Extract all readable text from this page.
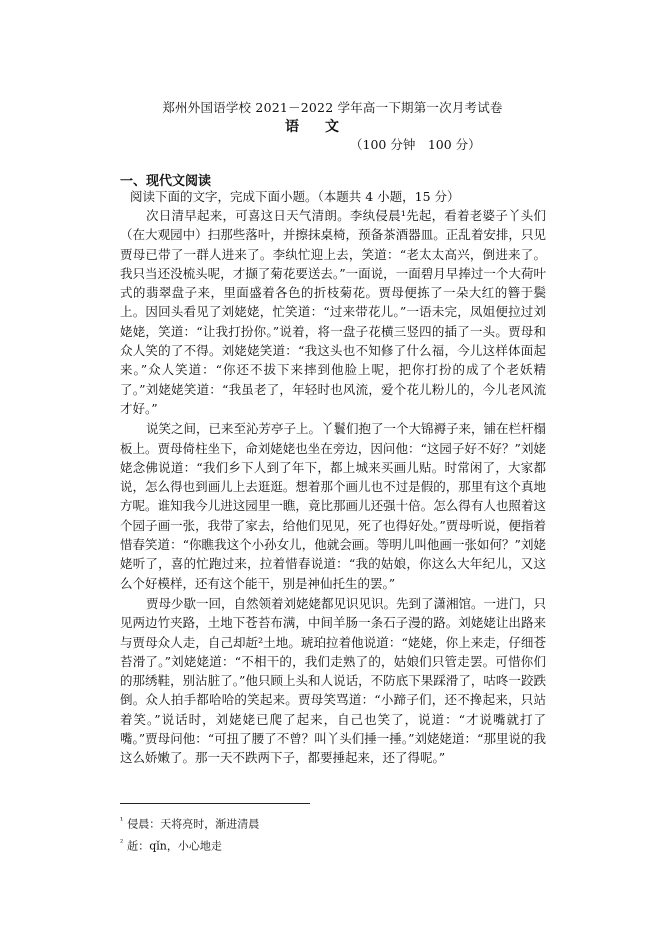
郑州外国语学校 2021－2022 学年高一下期第一次月考试卷
语　文
（100 分钟　100 分）
一、现代文阅读
阅读下面的文字，完成下面小题。（本题共 4 小题，15 分）

次日清早起来，可喜这日天气清朗。李纨侵晨¹先起，看着老婆子丫头们（在大观园中）扫那些落叶，并擦抹桌椅，预备茶酒器皿。正乱着安排，只见贾母已带了一群人进来了。李纨忙迎上去，笑道：“老太太高兴，倒进来了。我只当还没梳头呢，才撷了菊花要送去。”一面说，一面碧月早捧过一个大荷叶式的翡翠盘子来，里面盛着各色的折枝菊花。贾母便拣了一朵大红的簪于鬓上。因回头看见了刘姥姥，忙笑道：“过来带花儿。”一语未完，凤姐便拉过刘姥姥，笑道：“让我打扮你。”说着，将一盘子花横三竖四的插了一头。贾母和众人笑的了不得。刘姥姥笑道：“我这头也不知修了什么福，今儿这样体面起来。”众人笑道：“你还不拔下来摔到他脸上呢，把你打扮的成了个老妖精了。”刘姥姥笑道：“我虽老了，年轻时也风流，爱个花儿粉儿的，今儿老风流才好。”

说笑之间，已来至沁芳亭子上。丫鬟们抱了一个大锦褥子来，铺在栏杆榻板上。贾母倚柱坐下，命刘姥姥也坐在旁边，因问他：“这园子好不好？”刘姥姥念佛说道：“我们乡下人到了年下，都上城来买画儿贴。时常闲了，大家都说，怎么得也到画儿上去逛逛。想着那个画儿也不过是假的，那里有这个真地方呢。谁知我今儿进这园里一瞧，竟比那画儿还强十倍。怎么得有人也照着这个园子画一张，我带了家去，给他们见见，死了也得好处。”贾母听说，便指着惜春笑道：“你瞧我这个小孙女儿，他就会画。等明儿叫他画一张如何？”刘姥姥听了，喜的忙跑过来，拉着惜春说道：“我的姑娘，你这么大年纪儿，又这么个好模样，还有这个能干，别是神仙托生的罢。”

贾母少歇一回，自然领着刘姥姥都见识见识。先到了潇湘馆。一进门，只见两边竹夹路，土地下苍苔布满，中间羊肠一条石子漫的路。刘姥姥让出路来与贾母众人走，自己却赾²土地。琥珀拉着他说道：“姥姥，你上来走，仔细苍苔滑了。”刘姥姥道：“不相干的，我们走熟了的，姑娘们只管走罢。可惜你们的那绣鞋，别沾脏了。”他只顾上头和人说话，不防底下果踩滑了，咕咚一跤跌倒。众人拍手都哈哈的笑起来。贾母笑骂道：“小蹄子们，还不搀起来，只站着笑。”说话时，刘姥姥已爬了起来，自己也笑了，说道：“才说嘴就打了嘴。”贾母问他：“可扭了腰了不曾？叫丫头们捶一捶。”刘姥姥道：“那里说的我这么娇嫩了。那一天不跌两下子，都要捶起来，还了得呢。”

$^{^1}$ 侵晨：天将亮时，渐进清晨

$^{^2}$ 赾：qǐn，小心地走
